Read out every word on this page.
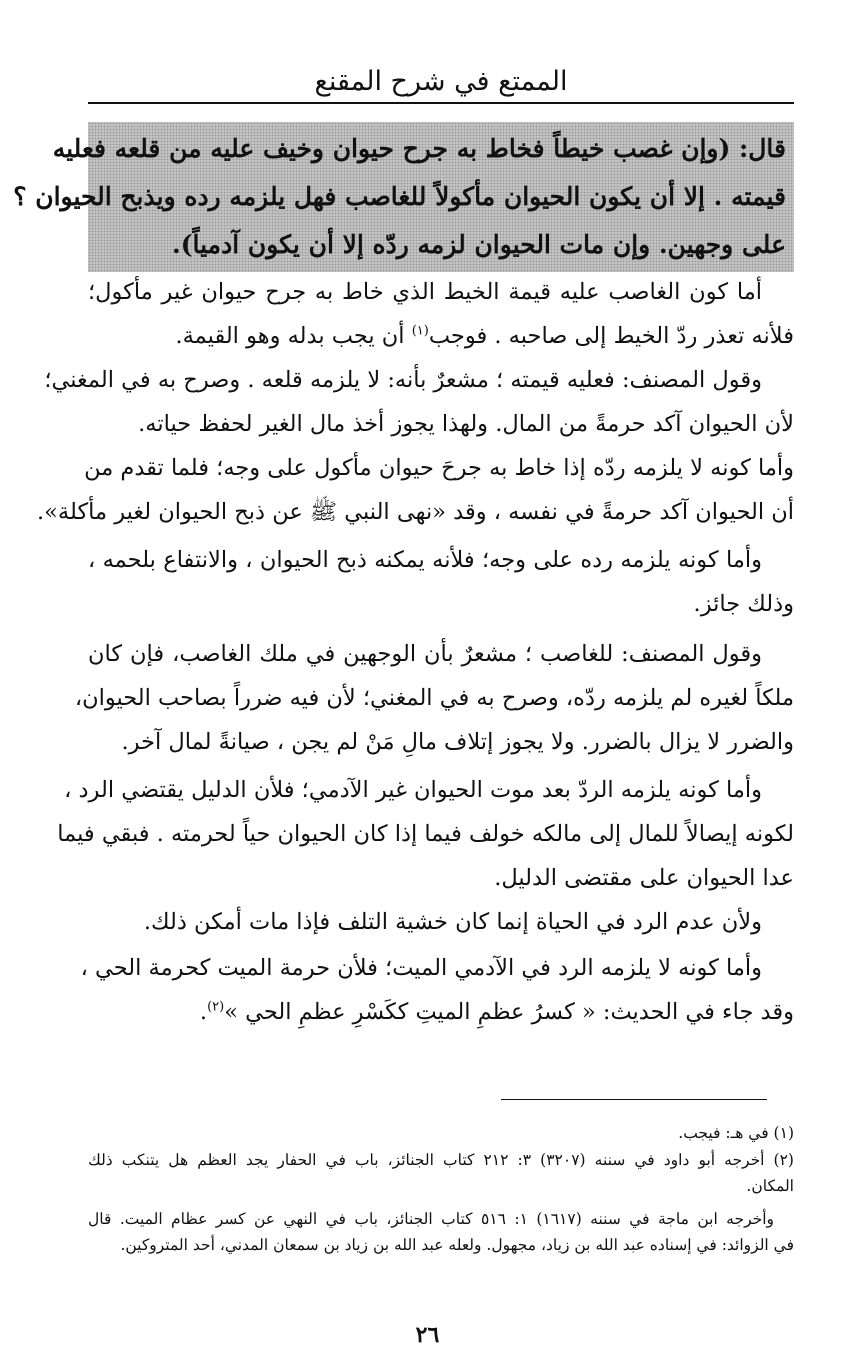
الممتع في شرح المقنع
قال: (وإن غصب خيطاً فخاط به جرح حيوان وخيف عليه من قلعه فعليه
قيمته . إلا أن يكون الحيوان مأكولاً للغاصب فهل يلزمه رده ويذبح الحيوان ؟
على وجهين. وإن مات الحيوان لزمه ردّه إلا أن يكون آدمياً).
أما كون الغاصب عليه قيمة الخيط الذي خاط به جرح حيوان غير مأكول؛
فلأنه تعذر ردّ الخيط إلى صاحبه . فوجب$^{(١)}$ أن يجب بدله وهو القيمة.
وقول المصنف: فعليه قيمته ؛ مشعرٌ بأنه: لا يلزمه قلعه . وصرح به في المغني؛
لأن الحيوان آكد حرمةً من المال. ولهذا يجوز أخذ مال الغير لحفظ حياته.
وأما كونه لا يلزمه ردّه إذا خاط به جرحَ حيوان مأكول على وجه؛ فلما تقدم من
أن الحيوان آكد حرمةً في نفسه ، وقد «نهى النبي ﷺ عن ذبح الحيوان لغير مأكلة».
وأما كونه يلزمه رده على وجه؛ فلأنه يمكنه ذبح الحيوان ، والانتفاع بلحمه ،
وذلك جائز.
وقول المصنف: للغاصب ؛ مشعرٌ بأن الوجهين في ملك الغاصب، فإن كان
ملكاً لغيره لم يلزمه ردّه، وصرح به في المغني؛ لأن فيه ضرراً بصاحب الحيوان،
والضرر لا يزال بالضرر. ولا يجوز إتلاف مالِ مَنْ لم يجن ، صيانةً لمال آخر.
وأما كونه يلزمه الردّ بعد موت الحيوان غير الآدمي؛ فلأن الدليل يقتضي الرد ،
لكونه إيصالاً للمال إلى مالكه خولف فيما إذا كان الحيوان حياً لحرمته . فبقي فيما
عدا الحيوان على مقتضى الدليل.
ولأن عدم الرد في الحياة إنما كان خشية التلف فإذا مات أمكن ذلك.
وأما كونه لا يلزمه الرد في الآدمي الميت؛ فلأن حرمة الميت كحرمة الحي ،
وقد جاء في الحديث: « كسرُ عظمِ الميتِ ككَسْرِ عظمِ الحي »$^{(٢)}$.
(١) في هـ: فيجب.
(٢) أخرجه أبو داود في سننه (٣٢٠٧) ٣: ٢١٢ كتاب الجنائز، باب في الحفار يجد العظم هل يتنكب ذلك
المكان.
وأخرجه ابن ماجة في سننه (١٦١٧) ١: ٥١٦ كتاب الجنائز، باب في النهي عن كسر عظام الميت. قال
في الزوائد: في إسناده عبد الله بن زياد، مجهول. ولعله عبد الله بن زياد بن سمعان المدني، أحد المتروكين.
٢٦
